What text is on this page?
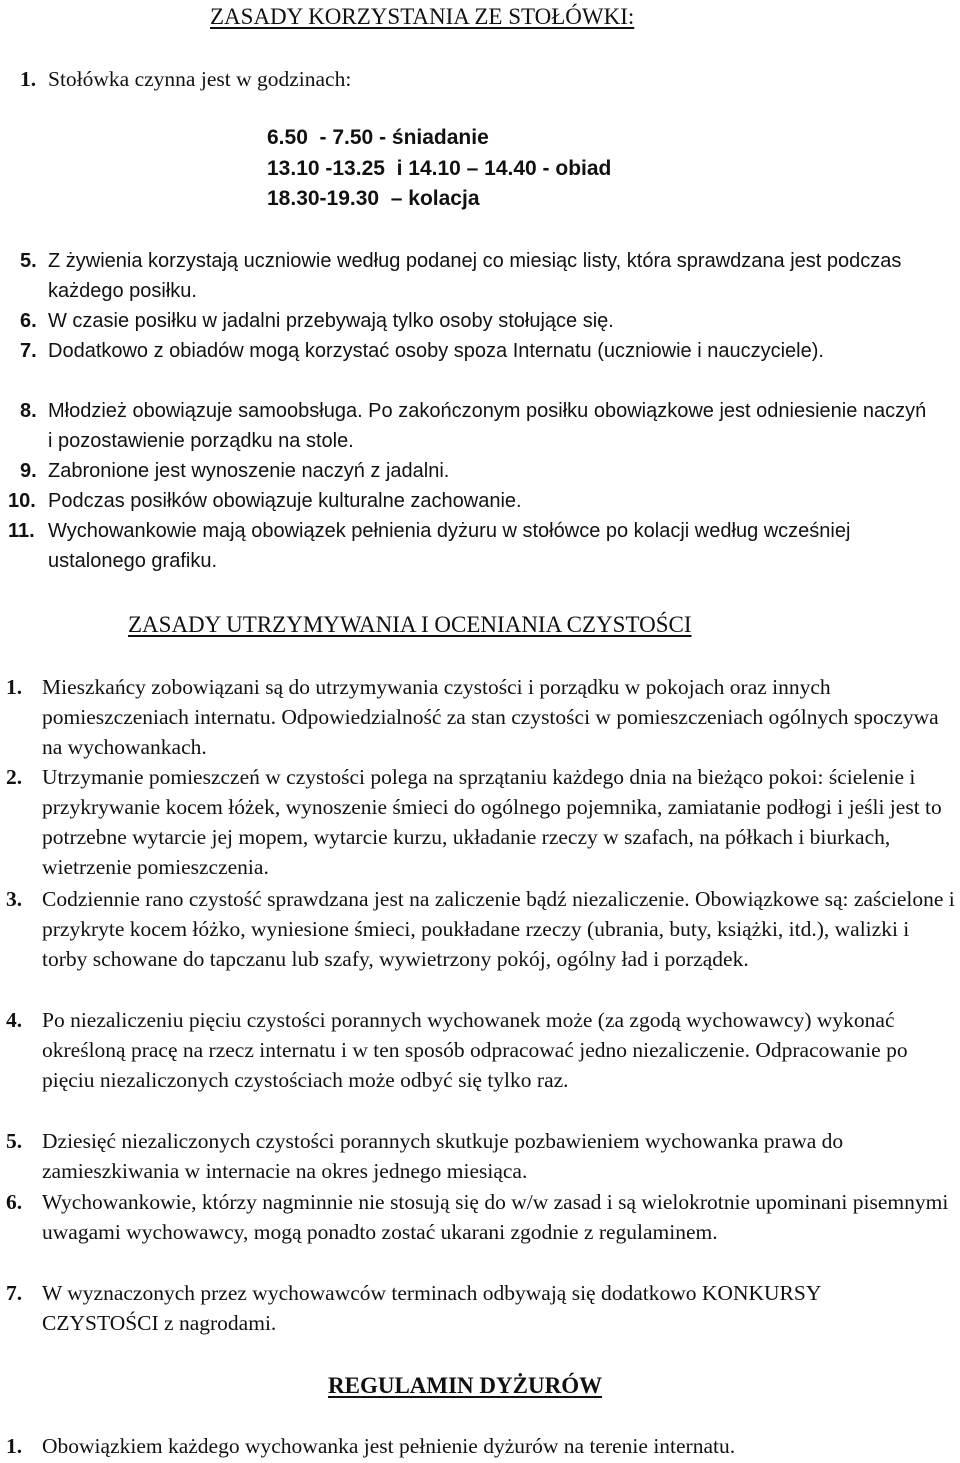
ZASADY KORZYSTANIA ZE STOŁÓWKI:
1. Stołówka czynna jest w godzinach:
6.50  - 7.50 - śniadanie
13.10 -13.25  i 14.10 – 14.40 - obiad
18.30-19.30  – kolacja
5. Z żywienia korzystają uczniowie według podanej co miesiąc listy, która sprawdzana jest podczas każdego posiłku.
6. W czasie posiłku w jadalni przebywają tylko osoby stołujące się.
7. Dodatkowo z obiadów mogą korzystać osoby spoza Internatu (uczniowie i nauczyciele).
8. Młodzież obowiązuje samoobsługa. Po zakończonym posiłku obowiązkowe jest odniesienie naczyń i pozostawienie porządku na stole.
9. Zabronione jest wynoszenie naczyń z jadalni.
10. Podczas posiłków obowiązuje kulturalne zachowanie.
11. Wychowankowie mają obowiązek pełnienia dyżuru w stołówce po kolacji według wcześniej ustalonego grafiku.
ZASADY UTRZYMYWANIA I OCENIANIA CZYSTOŚCI
1. Mieszkańcy zobowiązani są do utrzymywania czystości i porządku w pokojach oraz innych pomieszczeniach internatu. Odpowiedzialność za stan czystości w pomieszczeniach ogólnych spoczywa na wychowankach.
2. Utrzymanie pomieszczeń w czystości polega na sprzątaniu każdego dnia na bieżąco pokoi: ścielenie i przykrywanie kocem łóżek, wynoszenie śmieci do ogólnego pojemnika, zamiatanie podłogi i jeśli jest to potrzebne wytarcie jej mopem, wytarcie kurzu, układanie rzeczy w szafach, na półkach i biurkach, wietrzenie pomieszczenia.
3. Codziennie rano czystość sprawdzana jest na zaliczenie bądź niezaliczenie. Obowiązkowe są: zaścielone i przykryte kocem łóżko, wyniesione śmieci, poukładane rzeczy (ubrania, buty, książki, itd.), walizki i torby schowane do tapczanu lub szafy, wywietrzony pokój, ogólny ład i porządek.
4. Po niezaliczeniu pięciu czystości porannych wychowanek może (za zgodą wychowawcy) wykonać określoną pracę na rzecz internatu i w ten sposób odpracować jedno niezaliczenie. Odpracowanie po pięciu niezaliczonych czystościach może odbyć się tylko raz.
5. Dziesięć niezaliczonych czystości porannych skutkuje pozbawieniem wychowanka prawa do zamieszkiwania w internacie na okres jednego miesiąca.
6. Wychowankowie, którzy nagminnie nie stosują się do w/w zasad i są wielokrotnie upominani pisemnymi uwagami wychowawcy, mogą ponadto zostać ukarani zgodnie z regulaminem.
7. W wyznaczonych przez wychowawców terminach odbywają się dodatkowo KONKURSY CZYSTOŚCI z nagrodami.
REGULAMIN DYŻURÓW
1. Obowiązkiem każdego wychowanka jest pełnienie dyżurów na terenie internatu.
